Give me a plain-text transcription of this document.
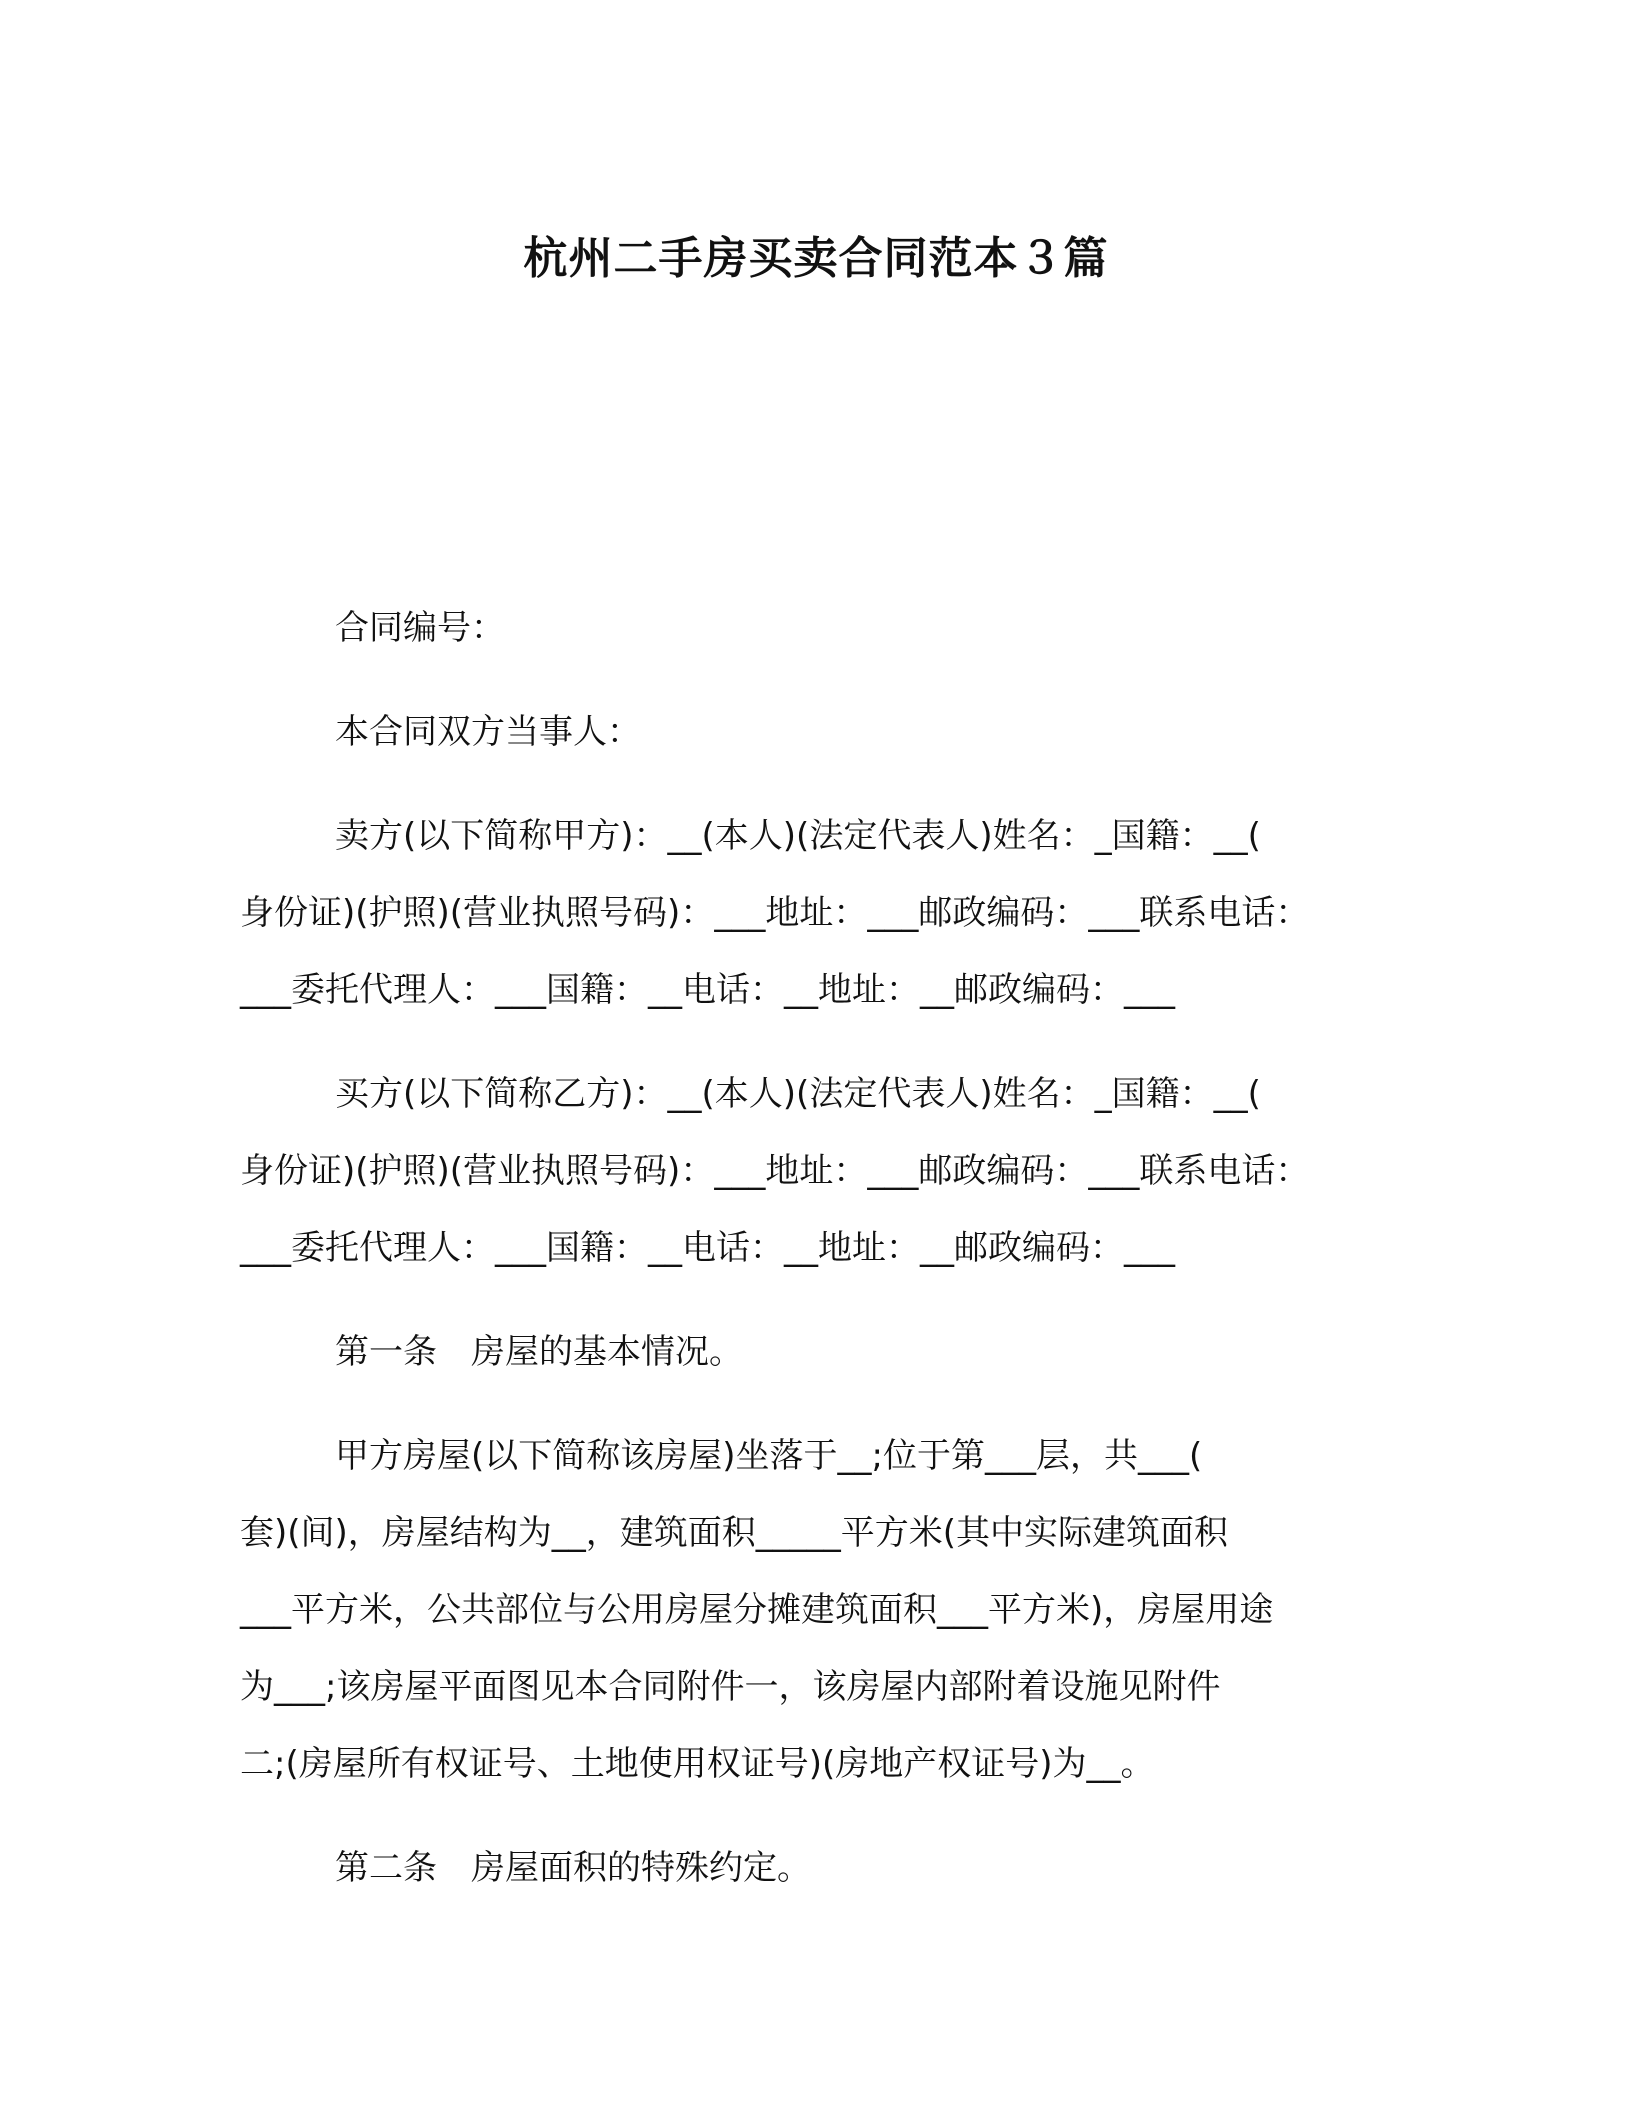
杭州二手房买卖合同范本３篇
合同编号：
本合同双方当事人：
卖方(以下简称甲方)：__(本人)(法定代表人)姓名：_国籍：__(
身份证)(护照)(营业执照号码)：___地址：___邮政编码：___联系电话：
___委托代理人：___国籍：__电话：__地址：__邮政编码：___
买方(以下简称乙方)：__(本人)(法定代表人)姓名：_国籍：__(
身份证)(护照)(营业执照号码)：___地址：___邮政编码：___联系电话：
___委托代理人：___国籍：__电话：__地址：__邮政编码：___
第一条　房屋的基本情况。
甲方房屋(以下简称该房屋)坐落于__;位于第___层，共___(
套)(间)，房屋结构为__，建筑面积_____平方米(其中实际建筑面积
___平方米，公共部位与公用房屋分摊建筑面积___平方米)，房屋用途
为___;该房屋平面图见本合同附件一，该房屋内部附着设施见附件
二;(房屋所有权证号、土地使用权证号)(房地产权证号)为__。
第二条　房屋面积的特殊约定。
